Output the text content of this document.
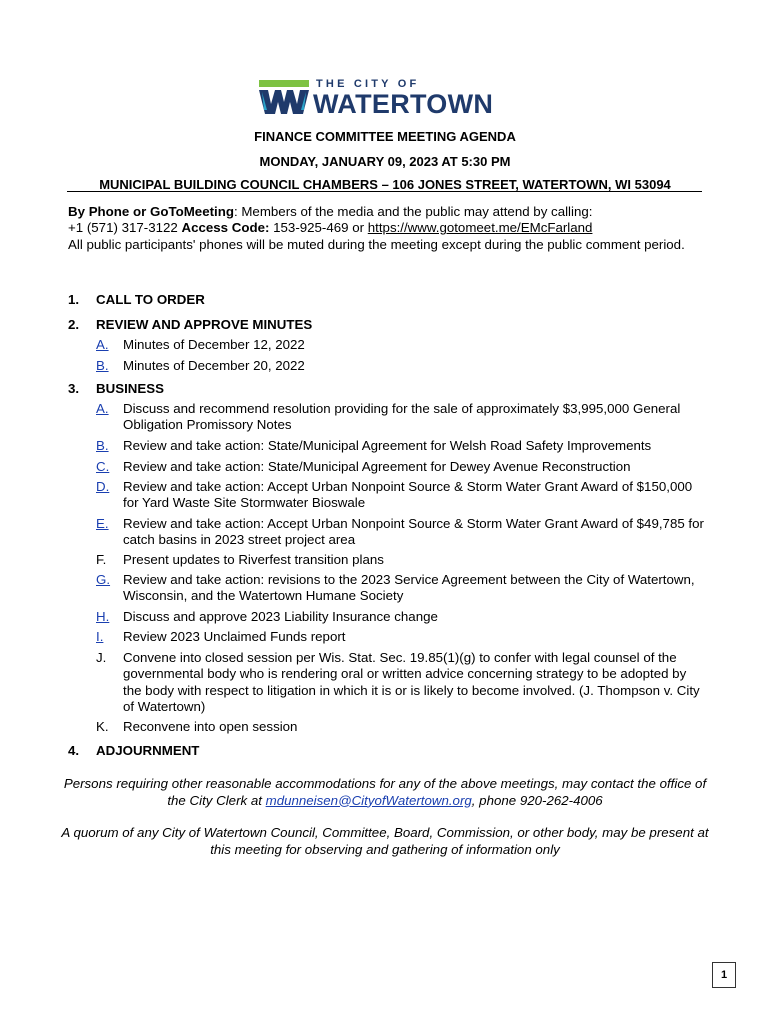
THE CITY OF
WATERTOWN
FINANCE COMMITTEE MEETING AGENDA
MONDAY, JANUARY 09, 2023 AT 5:30 PM
MUNICIPAL BUILDING COUNCIL CHAMBERS – 106 JONES STREET, WATERTOWN, WI 53094
By Phone or GoToMeeting: Members of the media and the public may attend by calling:
+1 (571) 317-3122 Access Code: 153-925-469 or https://www.gotomeet.me/EMcFarland
All public participants' phones will be muted during the meeting except during the public comment period.
1. CALL TO ORDER
2. REVIEW AND APPROVE MINUTES
A.	Minutes of December 12, 2022
B.	Minutes of December 20, 2022
3. BUSINESS
A.	Discuss and recommend resolution providing for the sale of approximately $3,995,000 General Obligation Promissory Notes
B.	Review and take action: State/Municipal Agreement for Welsh Road Safety Improvements
C.	Review and take action: State/Municipal Agreement for Dewey Avenue Reconstruction
D.	Review and take action: Accept Urban Nonpoint Source & Storm Water Grant Award of $150,000 for Yard Waste Site Stormwater Bioswale
E.	Review and take action: Accept Urban Nonpoint Source & Storm Water Grant Award of $49,785 for catch basins in 2023 street project area
F.	Present updates to Riverfest transition plans
G. Review and take action: revisions to the 2023 Service Agreement between the City of Watertown, Wisconsin, and the Watertown Humane Society
H.	Discuss and approve 2023 Liability Insurance change
I.	Review 2023 Unclaimed Funds report
J.	Convene into closed session per Wis. Stat. Sec. 19.85(1)(g) to confer with legal counsel of the governmental body who is rendering oral or written advice concerning strategy to be adopted by the body with respect to litigation in which it is or is likely to become involved. (J. Thompson v. City of Watertown)
K.	Reconvene into open session
4. ADJOURNMENT
Persons requiring other reasonable accommodations for any of the above meetings, may contact the office of the City Clerk at mdunneisen@CityofWatertown.org, phone 920-262-4006
A quorum of any City of Watertown Council, Committee, Board, Commission, or other body, may be present at this meeting for observing and gathering of information only
1
